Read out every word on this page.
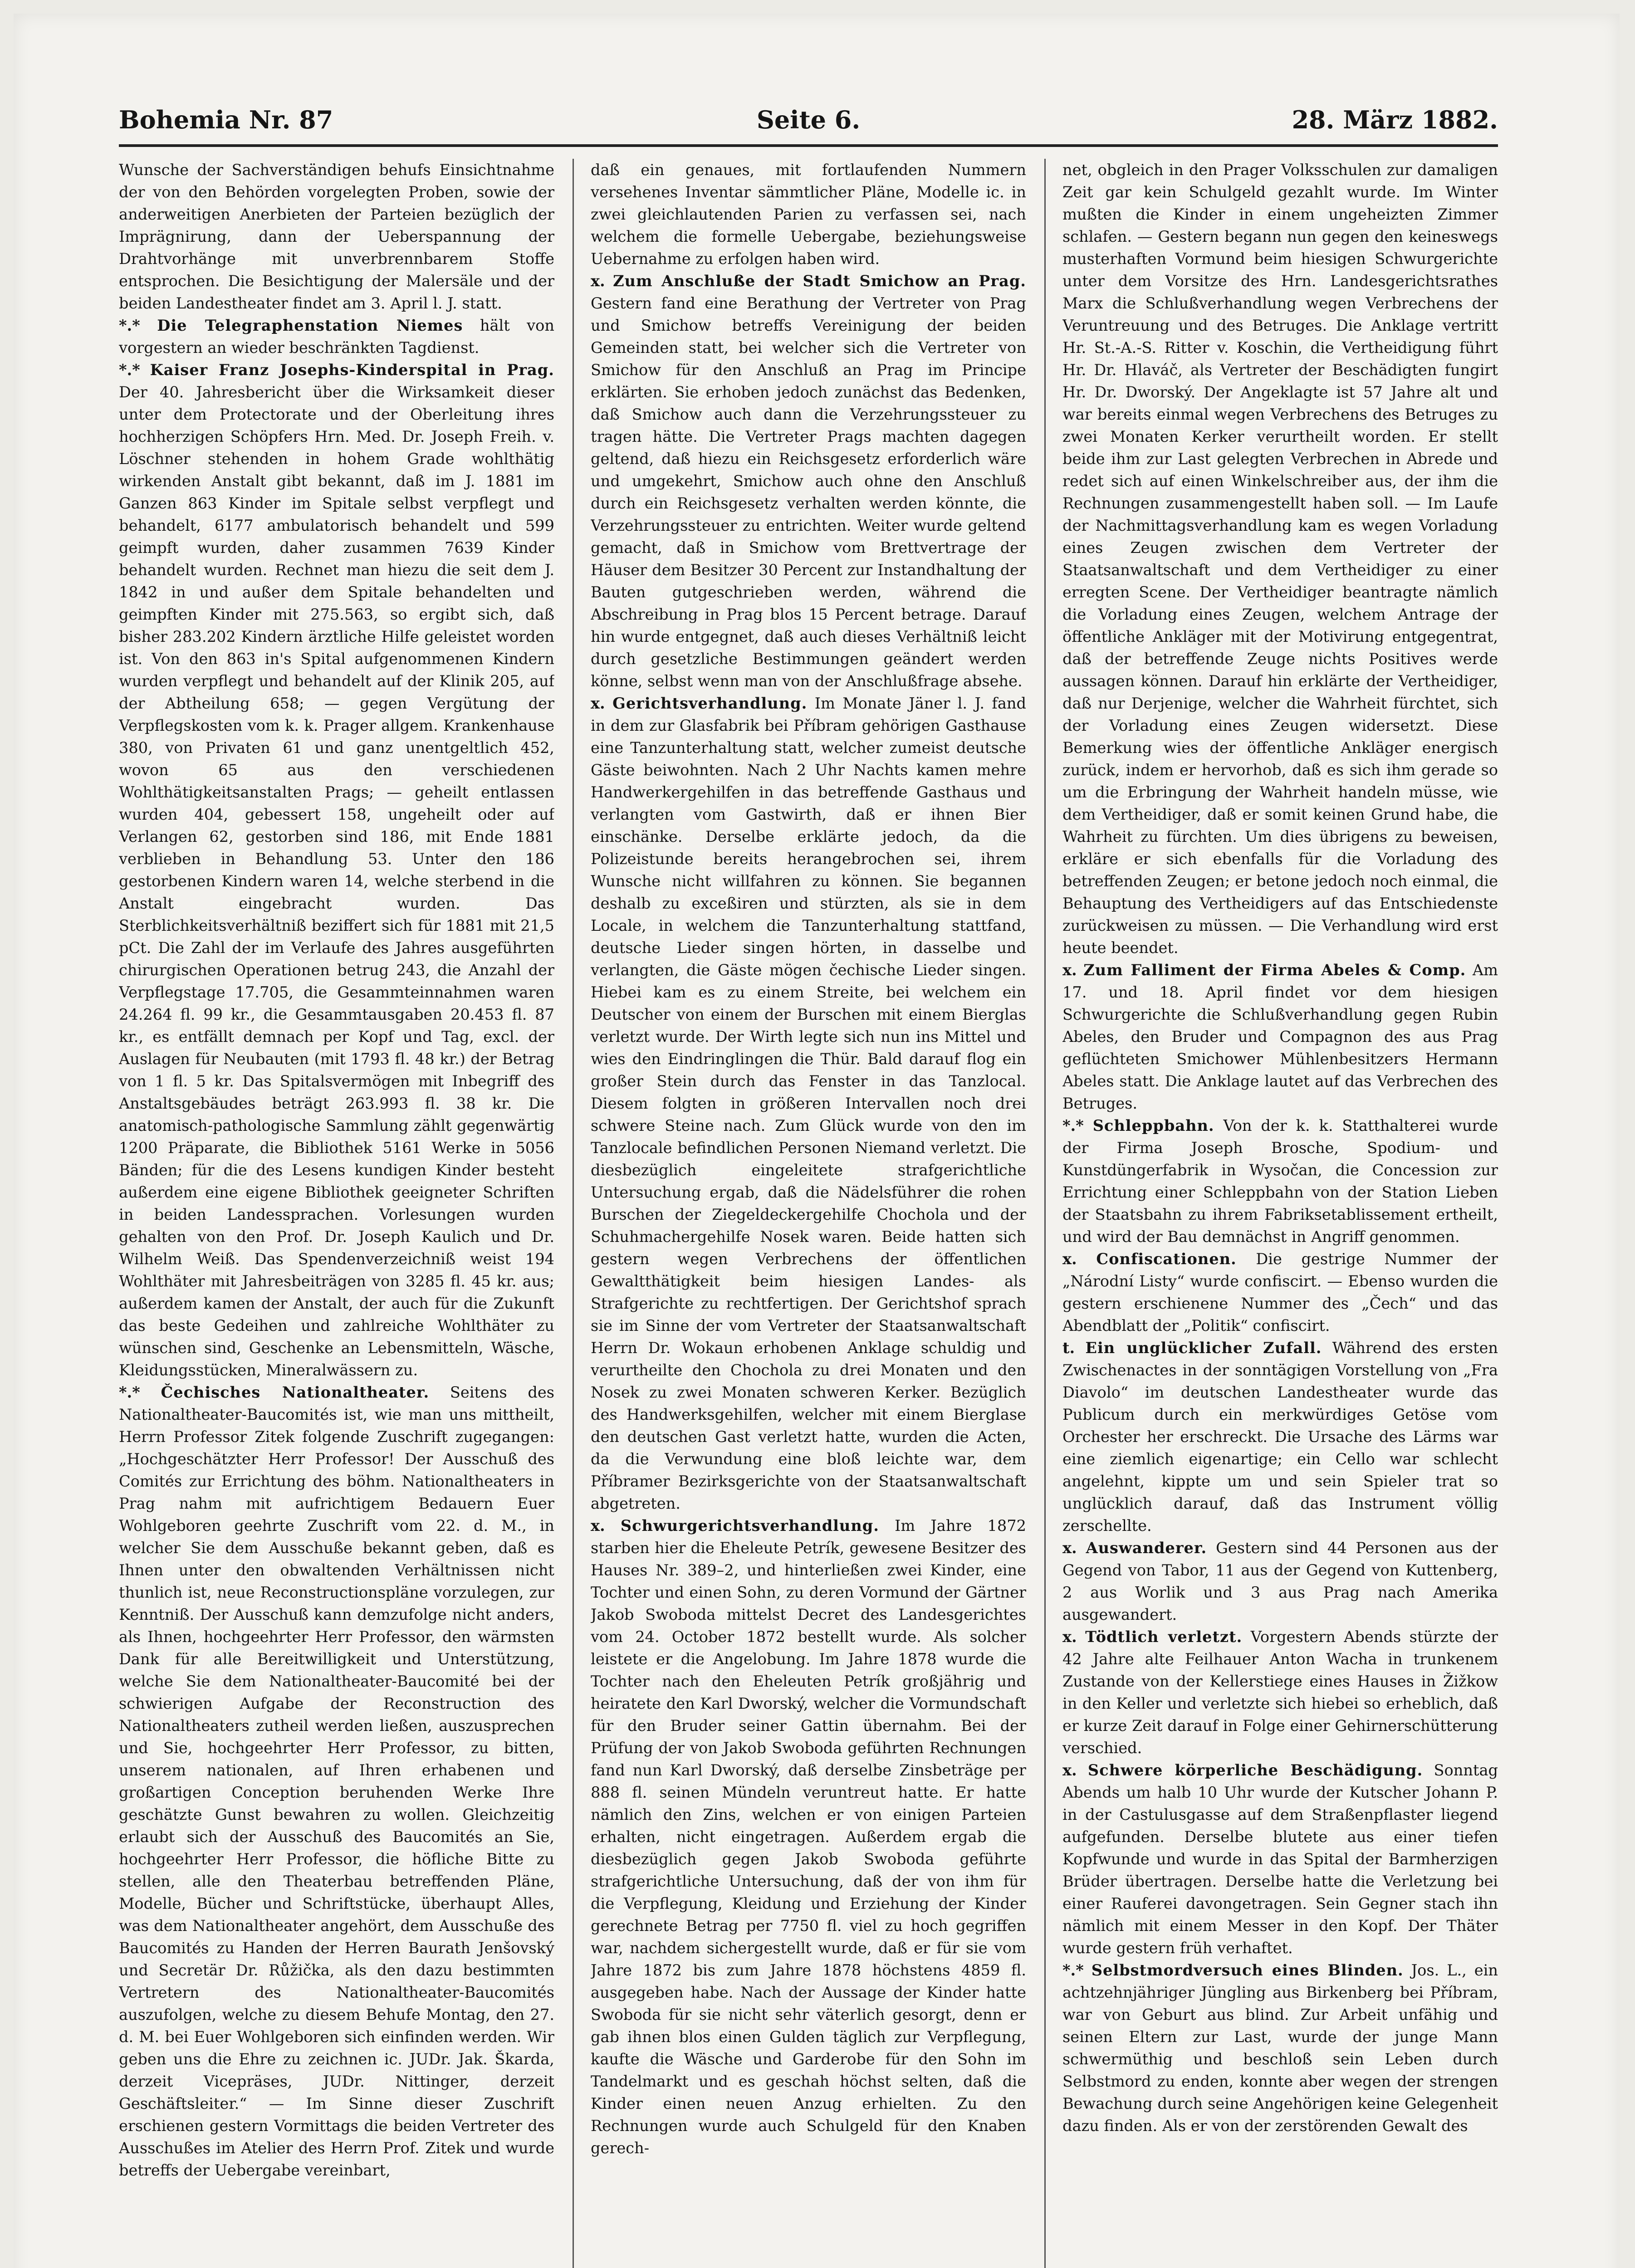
Seite 6.
Bohemia Nr. 87	28. März 1882.

Wunsche der Sachverständigen behufs Einsichtnahme der von den Behörden vorgelegten Proben, sowie der anderweitigen Anerbieten der Parteien bezüglich der Imprägnirung, dann der Ueberspannung der Drahtvorhänge mit unverbrennbarem Stoffe entsprochen. Die Besichtigung der Malersäle und der beiden Landestheater findet am 3. April l. J. statt.

*.* Die Telegraphenstation Niemes hält von vorgestern an wieder beschränkten Tagdienst.

*.* Kaiser Franz Josephs-Kinderspital in Prag. Der 40. Jahresbericht über die Wirksamkeit dieser unter dem Protectorate und der Oberleitung ihres hochherzigen Schöpfers Hrn. Med. Dr. Joseph Freih. v. Löschner stehenden in hohem Grade wohlthätig wirkenden Anstalt gibt bekannt, daß im J. 1881 im Ganzen 863 Kinder im Spitale selbst verpflegt und behandelt, 6177 ambulatorisch behandelt und 599 geimpft wurden, daher zusammen 7639 Kinder behandelt wurden. Rechnet man hiezu die seit dem J. 1842 in und außer dem Spitale behandelten und geimpften Kinder mit 275.563, so ergibt sich, daß bisher 283.202 Kindern ärztliche Hilfe geleistet worden ist. Von den 863 in's Spital aufgenommenen Kindern wurden verpflegt und behandelt auf der Klinik 205, auf der Abtheilung 658; — gegen Vergütung der Verpflegskosten vom k. k. Prager allgem. Krankenhause 380, von Privaten 61 und ganz unentgeltlich 452, wovon 65 aus den verschiedenen Wohlthätigkeitsanstalten Prags; — geheilt entlassen wurden 404, gebessert 158, ungeheilt oder auf Verlangen 62, gestorben sind 186, mit Ende 1881 verblieben in Behandlung 53. Unter den 186 gestorbenen Kindern waren 14, welche sterbend in die Anstalt eingebracht wurden. Das Sterblichkeitsverhältniß beziffert sich für 1881 mit 21,5 pCt. Die Zahl der im Verlaufe des Jahres ausgeführten chirurgischen Operationen betrug 243, die Anzahl der Verpflegstage 17.705, die Gesammteinnahmen waren 24.264 fl. 99 kr., die Gesammtausgaben 20.453 fl. 87 kr., es entfällt demnach per Kopf und Tag, excl. der Auslagen für Neubauten (mit 1793 fl. 48 kr.) der Betrag von 1 fl. 5 kr. Das Spitalsvermögen mit Inbegriff des Anstaltsgebäudes beträgt 263.993 fl. 38 kr. Die anatomisch-pathologische Sammlung zählt gegenwärtig 1200 Präparate, die Bibliothek 5161 Werke in 5056 Bänden; für die des Lesens kundigen Kinder besteht außerdem eine eigene Bibliothek geeigneter Schriften in beiden Landessprachen. Vorlesungen wurden gehalten von den Prof. Dr. Joseph Kaulich und Dr. Wilhelm Weiß. Das Spendenverzeichniß weist 194 Wohlthäter mit Jahresbeiträgen von 3285 fl. 45 kr. aus; außerdem kamen der Anstalt, der auch für die Zukunft das beste Gedeihen und zahlreiche Wohlthäter zu wünschen sind, Geschenke an Lebensmitteln, Wäsche, Kleidungsstücken, Mineralwässern zu.

*.* Čechisches Nationaltheater. Seitens des Nationaltheater-Baucomités ist, wie man uns mittheilt, Herrn Professor Zitek folgende Zuschrift zugegangen: „Hochgeschätzter Herr Professor! Der Ausschuß des Comités zur Errichtung des böhm. Nationaltheaters in Prag nahm mit aufrichtigem Bedauern Euer Wohlgeboren geehrte Zuschrift vom 22. d. M., in welcher Sie dem Ausschuße bekannt geben, daß es Ihnen unter den obwaltenden Verhältnissen nicht thunlich ist, neue Reconstructionspläne vorzulegen, zur Kenntniß. Der Ausschuß kann demzufolge nicht anders, als Ihnen, hochgeehrter Herr Professor, den wärmsten Dank für alle Bereitwilligkeit und Unterstützung, welche Sie dem Nationaltheater-Baucomité bei der schwierigen Aufgabe der Reconstruction des Nationaltheaters zutheil werden ließen, auszusprechen und Sie, hochgeehrter Herr Professor, zu bitten, unserem nationalen, auf Ihren erhabenen und großartigen Conception beruhenden Werke Ihre geschätzte Gunst bewahren zu wollen. Gleichzeitig erlaubt sich der Ausschuß des Baucomités an Sie, hochgeehrter Herr Professor, die höfliche Bitte zu stellen, alle den Theaterbau betreffenden Pläne, Modelle, Bücher und Schriftstücke, überhaupt Alles, was dem Nationaltheater angehört, dem Ausschuße des Baucomités zu Handen der Herren Baurath Jenšovský und Secretär Dr. Růžička, als den dazu bestimmten Vertretern des Nationaltheater-Baucomités auszufolgen, welche zu diesem Behufe Montag, den 27. d. M. bei Euer Wohlgeboren sich einfinden werden. Wir geben uns die Ehre zu zeichnen ic. JUDr. Jak. Škarda, derzeit Vicepräses, JUDr. Nittinger, derzeit Geschäftsleiter.“ — Im Sinne dieser Zuschrift erschienen gestern Vormittags die beiden Vertreter des Ausschußes im Atelier des Herrn Prof. Zitek und wurde betreffs der Uebergabe vereinbart,

daß ein genaues, mit fortlaufenden Nummern versehenes Inventar sämmtlicher Pläne, Modelle ic. in zwei gleichlautenden Parien zu verfassen sei, nach welchem die formelle Uebergabe, beziehungsweise Uebernahme zu erfolgen haben wird.

x. Zum Anschluße der Stadt Smichow an Prag. Gestern fand eine Berathung der Vertreter von Prag und Smichow betreffs Vereinigung der beiden Gemeinden statt, bei welcher sich die Vertreter von Smichow für den Anschluß an Prag im Principe erklärten. Sie erhoben jedoch zunächst das Bedenken, daß Smichow auch dann die Verzehrungssteuer zu tragen hätte. Die Vertreter Prags machten dagegen geltend, daß hiezu ein Reichsgesetz erforderlich wäre und umgekehrt, Smichow auch ohne den Anschluß durch ein Reichsgesetz verhalten werden könnte, die Verzehrungssteuer zu entrichten. Weiter wurde geltend gemacht, daß in Smichow vom Brettvertrage der Häuser dem Besitzer 30 Percent zur Instandhaltung der Bauten gutgeschrieben werden, während die Abschreibung in Prag blos 15 Percent betrage. Darauf hin wurde entgegnet, daß auch dieses Verhältniß leicht durch gesetzliche Bestimmungen geändert werden könne, selbst wenn man von der Anschlußfrage absehe.

x. Gerichtsverhandlung. Im Monate Jäner l. J. fand in dem zur Glasfabrik bei Příbram gehörigen Gasthause eine Tanzunterhaltung statt, welcher zumeist deutsche Gäste beiwohnten. Nach 2 Uhr Nachts kamen mehre Handwerkergehilfen in das betreffende Gasthaus und verlangten vom Gastwirth, daß er ihnen Bier einschänke. Derselbe erklärte jedoch, da die Polizeistunde bereits herangebrochen sei, ihrem Wunsche nicht willfahren zu können. Sie begannen deshalb zu exceßiren und stürzten, als sie in dem Locale, in welchem die Tanzunterhaltung stattfand, deutsche Lieder singen hörten, in dasselbe und verlangten, die Gäste mögen čechische Lieder singen. Hiebei kam es zu einem Streite, bei welchem ein Deutscher von einem der Burschen mit einem Bierglas verletzt wurde. Der Wirth legte sich nun ins Mittel und wies den Eindringlingen die Thür. Bald darauf flog ein großer Stein durch das Fenster in das Tanzlocal. Diesem folgten in größeren Intervallen noch drei schwere Steine nach. Zum Glück wurde von den im Tanzlocale befindlichen Personen Niemand verletzt. Die diesbezüglich eingeleitete strafgerichtliche Untersuchung ergab, daß die Nädelsführer die rohen Burschen der Ziegeldeckergehilfe Chochola und der Schuhmachergehilfe Nosek waren. Beide hatten sich gestern wegen Verbrechens der öffentlichen Gewaltthätigkeit beim hiesigen Landes- als Strafgerichte zu rechtfertigen. Der Gerichtshof sprach sie im Sinne der vom Vertreter der Staatsanwaltschaft Herrn Dr. Wokaun erhobenen Anklage schuldig und verurtheilte den Chochola zu drei Monaten und den Nosek zu zwei Monaten schweren Kerker. Bezüglich des Handwerksgehilfen, welcher mit einem Bierglase den deutschen Gast verletzt hatte, wurden die Acten, da die Verwundung eine bloß leichte war, dem Příbramer Bezirksgerichte von der Staatsanwaltschaft abgetreten.

x. Schwurgerichtsverhandlung. Im Jahre 1872 starben hier die Eheleute Petrík, gewesene Besitzer des Hauses Nr. 389–2, und hinterließen zwei Kinder, eine Tochter und einen Sohn, zu deren Vormund der Gärtner Jakob Swoboda mittelst Decret des Landesgerichtes vom 24. October 1872 bestellt wurde. Als solcher leistete er die Angelobung. Im Jahre 1878 wurde die Tochter nach den Eheleuten Petrík großjährig und heiratete den Karl Dworský, welcher die Vormundschaft für den Bruder seiner Gattin übernahm. Bei der Prüfung der von Jakob Swoboda geführten Rechnungen fand nun Karl Dworský, daß derselbe Zinsbeträge per 888 fl. seinen Mündeln veruntreut hatte. Er hatte nämlich den Zins, welchen er von einigen Parteien erhalten, nicht eingetragen. Außerdem ergab die diesbezüglich gegen Jakob Swoboda geführte strafgerichtliche Untersuchung, daß der von ihm für die Verpflegung, Kleidung und Erziehung der Kinder gerechnete Betrag per 7750 fl. viel zu hoch gegriffen war, nachdem sichergestellt wurde, daß er für sie vom Jahre 1872 bis zum Jahre 1878 höchstens 4859 fl. ausgegeben habe. Nach der Aussage der Kinder hatte Swoboda für sie nicht sehr väterlich gesorgt, denn er gab ihnen blos einen Gulden täglich zur Verpflegung, kaufte die Wäsche und Garderobe für den Sohn im Tandelmarkt und es geschah höchst selten, daß die Kinder einen neuen Anzug erhielten. Zu den Rechnungen wurde auch Schulgeld für den Knaben gerech-

net, obgleich in den Prager Volksschulen zur damaligen Zeit gar kein Schulgeld gezahlt wurde. Im Winter mußten die Kinder in einem ungeheizten Zimmer schlafen. — Gestern begann nun gegen den keineswegs musterhaften Vormund beim hiesigen Schwurgerichte unter dem Vorsitze des Hrn. Landesgerichtsrathes Marx die Schlußverhandlung wegen Verbrechens der Veruntreuung und des Betruges. Die Anklage vertritt Hr. St.-A.-S. Ritter v. Koschin, die Vertheidigung führt Hr. Dr. Hlaváč, als Vertreter der Beschädigten fungirt Hr. Dr. Dworský. Der Angeklagte ist 57 Jahre alt und war bereits einmal wegen Verbrechens des Betruges zu zwei Monaten Kerker verurtheilt worden. Er stellt beide ihm zur Last gelegten Verbrechen in Abrede und redet sich auf einen Winkelschreiber aus, der ihm die Rechnungen zusammengestellt haben soll. — Im Laufe der Nachmittagsverhandlung kam es wegen Vorladung eines Zeugen zwischen dem Vertreter der Staatsanwaltschaft und dem Vertheidiger zu einer erregten Scene. Der Vertheidiger beantragte nämlich die Vorladung eines Zeugen, welchem Antrage der öffentliche Ankläger mit der Motivirung entgegentrat, daß der betreffende Zeuge nichts Positives werde aussagen können. Darauf hin erklärte der Vertheidiger, daß nur Derjenige, welcher die Wahrheit fürchtet, sich der Vorladung eines Zeugen widersetzt. Diese Bemerkung wies der öffentliche Ankläger energisch zurück, indem er hervorhob, daß es sich ihm gerade so um die Erbringung der Wahrheit handeln müsse, wie dem Vertheidiger, daß er somit keinen Grund habe, die Wahrheit zu fürchten. Um dies übrigens zu beweisen, erkläre er sich ebenfalls für die Vorladung des betreffenden Zeugen; er betone jedoch noch einmal, die Behauptung des Vertheidigers auf das Entschiedenste zurückweisen zu müssen. — Die Verhandlung wird erst heute beendet.

x. Zum Falliment der Firma Abeles & Comp. Am 17. und 18. April findet vor dem hiesigen Schwurgerichte die Schlußverhandlung gegen Rubin Abeles, den Bruder und Compagnon des aus Prag geflüchteten Smichower Mühlenbesitzers Hermann Abeles statt. Die Anklage lautet auf das Verbrechen des Betruges.

*.* Schleppbahn. Von der k. k. Statthalterei wurde der Firma Joseph Brosche, Spodium- und Kunstdüngerfabrik in Wysočan, die Concession zur Errichtung einer Schleppbahn von der Station Lieben der Staatsbahn zu ihrem Fabriksetablissement ertheilt, und wird der Bau demnächst in Angriff genommen.

x. Confiscationen. Die gestrige Nummer der „Národní Listy“ wurde confiscirt. — Ebenso wurden die gestern erschienene Nummer des „Čech“ und das Abendblatt der „Politik“ confiscirt.

t. Ein unglücklicher Zufall. Während des ersten Zwischenactes in der sonntägigen Vorstellung von „Fra Diavolo“ im deutschen Landestheater wurde das Publicum durch ein merkwürdiges Getöse vom Orchester her erschreckt. Die Ursache des Lärms war eine ziemlich eigenartige; ein Cello war schlecht angelehnt, kippte um und sein Spieler trat so unglücklich darauf, daß das Instrument völlig zerschellte.

x. Auswanderer. Gestern sind 44 Personen aus der Gegend von Tabor, 11 aus der Gegend von Kuttenberg, 2 aus Worlik und 3 aus Prag nach Amerika ausgewandert.

x. Tödtlich verletzt. Vorgestern Abends stürzte der 42 Jahre alte Feilhauer Anton Wacha in trunkenem Zustande von der Kellerstiege eines Hauses in Žižkow in den Keller und verletzte sich hiebei so erheblich, daß er kurze Zeit darauf in Folge einer Gehirnerschütterung verschied.

x. Schwere körperliche Beschädigung. Sonntag Abends um halb 10 Uhr wurde der Kutscher Johann P. in der Castulusgasse auf dem Straßenpflaster liegend aufgefunden. Derselbe blutete aus einer tiefen Kopfwunde und wurde in das Spital der Barmherzigen Brüder übertragen. Derselbe hatte die Verletzung bei einer Rauferei davongetragen. Sein Gegner stach ihn nämlich mit einem Messer in den Kopf. Der Thäter wurde gestern früh verhaftet.

*.* Selbstmordversuch eines Blinden. Jos. L., ein achtzehnjähriger Jüngling aus Birkenberg bei Příbram, war von Geburt aus blind. Zur Arbeit unfähig und seinen Eltern zur Last, wurde der junge Mann schwermüthig und beschloß sein Leben durch Selbstmord zu enden, konnte aber wegen der strengen Bewachung durch seine Angehörigen keine Gelegenheit dazu finden. Als er von der zerstörenden Gewalt des
